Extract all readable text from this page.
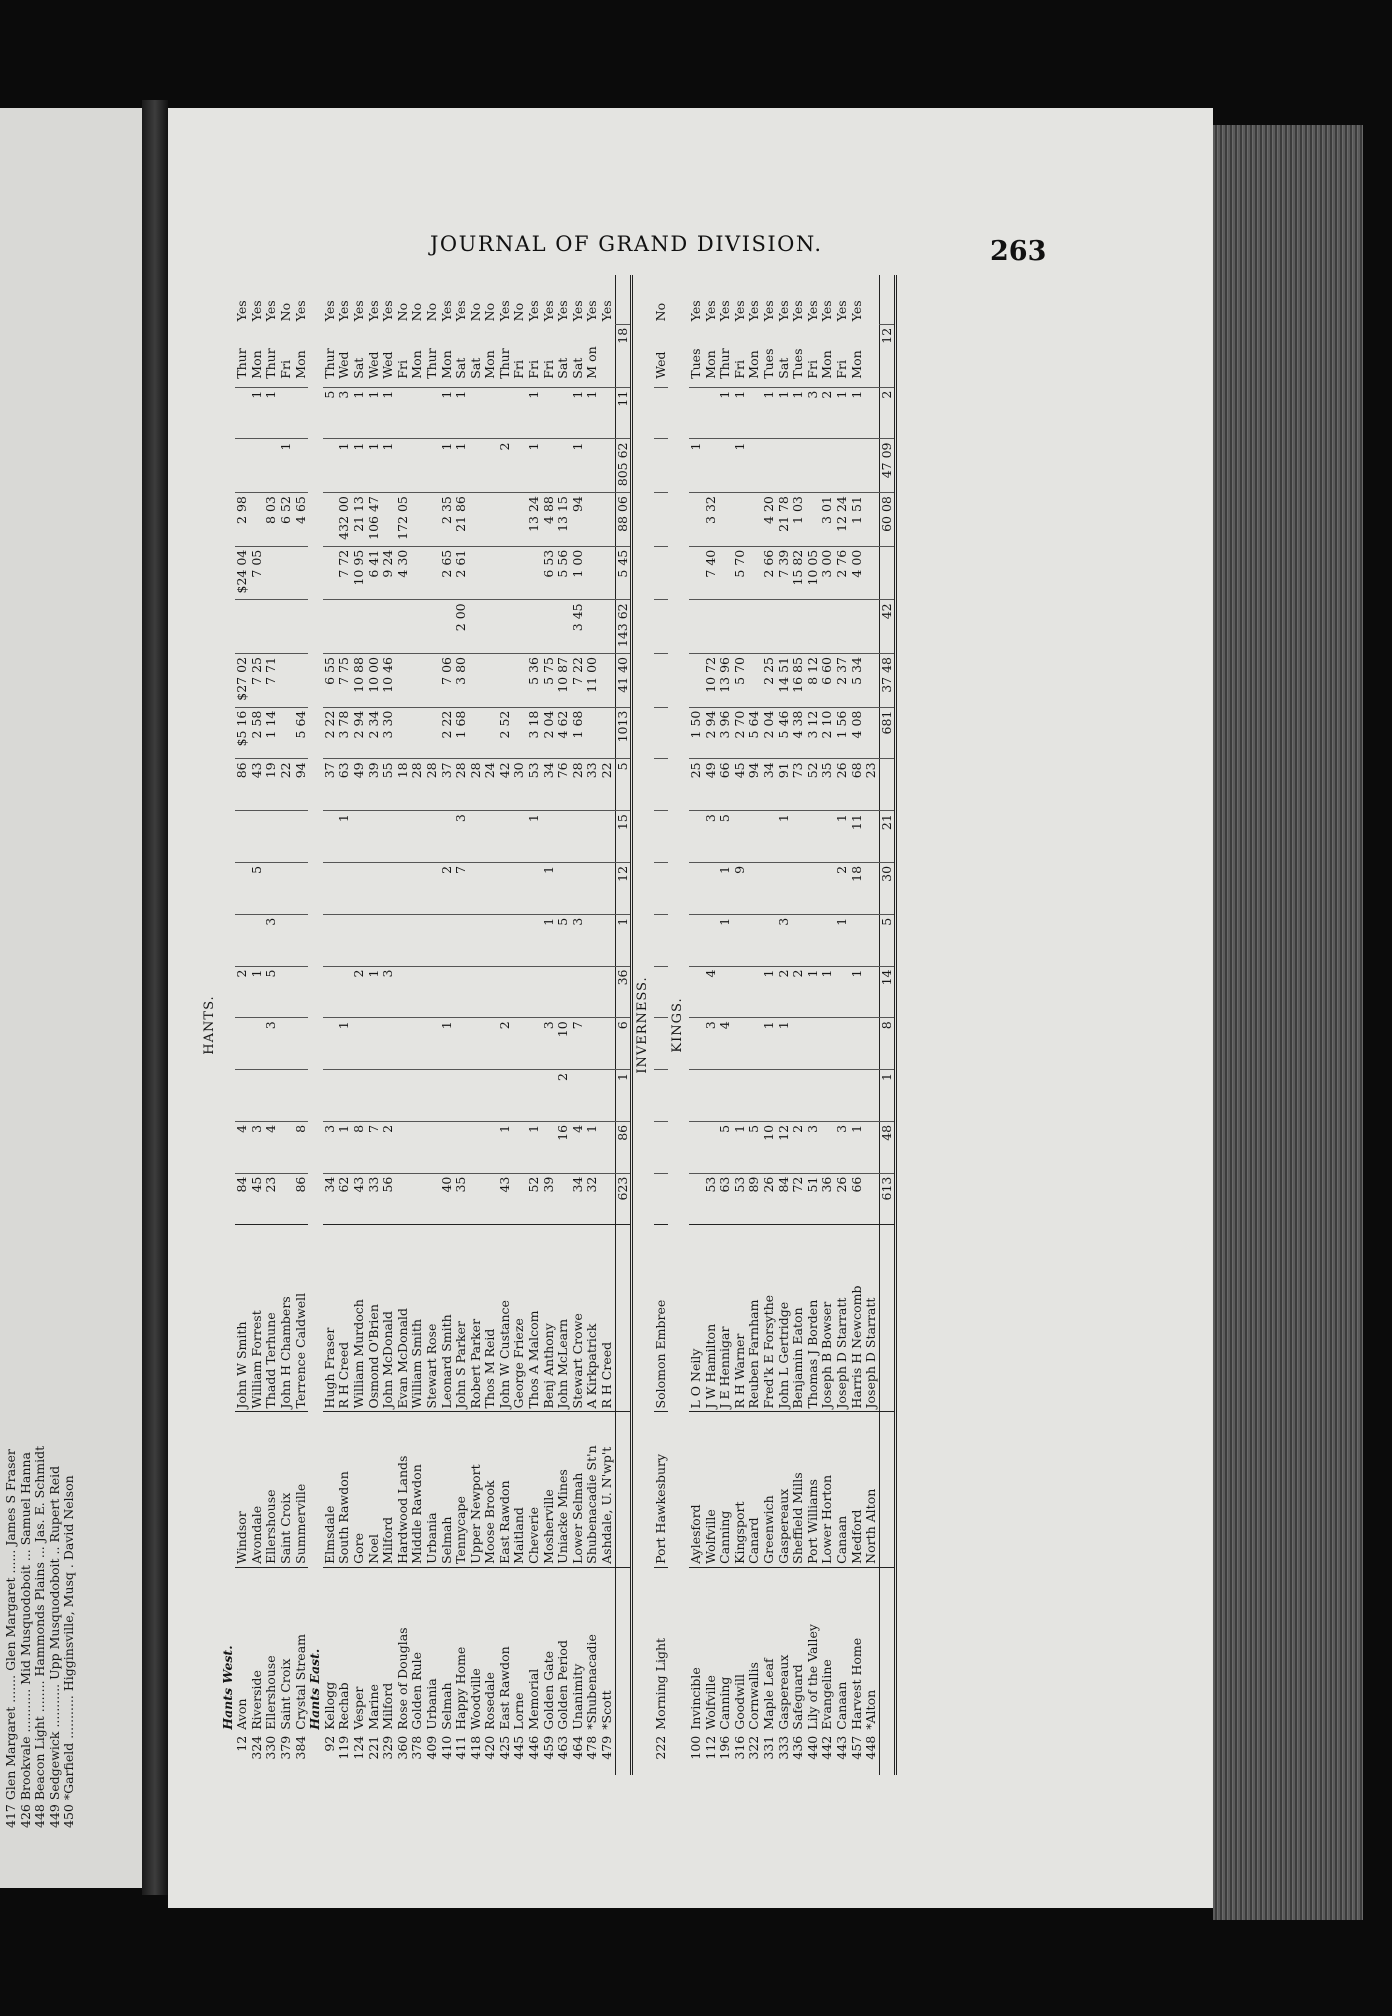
417 Glen Margaret ....... Glen Margaret ...... James S Fraser 426 Brookvale ........... Mid Musquodoboit ... Samuel Hanna 448 Beacon Light ........ Hammonds Plains ... Jas. E. Schmidt 449 Sedgewick ........... Upp Musquodoboit .. Rupert Reid 450 *Garfield ........... Higginsville, Musq . David Nelson
JOURNAL OF GRAND DIVISION.	263
HANTS.																					
	Hants West.																				
12	Avon	Windsor	John W Smith	84	4			2				86	$5 16	$27 02		$24 04	2 98			Thur	Yes
324	Riverside	Avondale	William Forrest	45	3			1		5		43	2 58	7 25		7 05			1	Mon	Yes
330	Ellershouse	Ellershouse	Thadd Terhune	23	4		3	5	3			19	1 14	7 71			8 03		1	Thur	Yes
379	Saint Croix	Saint Croix	John H Chambers									22					6 52	1		Fri	No
384	Crystal Stream	Summerville	Terrence Caldwell	86	8							94	5 64				4 65			Mon	Yes
	Hants East.																				
92	Kellogg	Elmsdale	Hugh Fraser	34	3							37	2 22	6 55					5	Thur	Yes
119	Rechab	South Rawdon	R H Creed	62	1		1				1	63	3 78	7 75		7 72	432 00	1	3	Wed	Yes
124	Vesper	Gore	William Murdoch	43	8			2				49	2 94	10 88		10 95	21 13	1	1	Sat	Yes
221	Marine	Noel	Osmond O'Brien	33	7			1				39	2 34	10 00		6 41	106 47	1	1	Wed	Yes
329	Milford	Milford	John McDonald	56	2			3				55	3 30	10 46		9 24		1	1	Wed	Yes
360	Rose of Douglas	Hardwood Lands	Evan McDonald									18				4 30	172 05			Fri	No
378	Golden Rule	Middle Rawdon	William Smith									28								Mon	No
409	Urbania	Urbania	Stewart Rose									28								Thur	No
410	Selmah	Selmah	Leonard Smith	40			1			2		37	2 22	7 06		2 65	2 35	1	1	Mon	Yes
411	Happy Home	Tennycape	John S Parker	35						7	3	28	1 68	3 80	2 00	2 61	21 86	1	1	Sat	Yes
418	Woodville	Upper Newport	Robert Parker									28								Sat	No
420	Rosedale	Moose Brook	Thos M Reid									24								Mon	No
425	East Rawdon	East Rawdon	John W Custance	43	1		2					42	2 52					2		Thur	Yes
445	Lorne	Maitland	George Frieze									30								Fri	No
446	Memorial	Cheverie	Thos A Malcom	52	1						1	53	3 18	5 36			13 24	1	1	Fri	Yes
459	Golden Gate	Mosherville	Benj Anthony	39			3		1	1		34	2 04	5 75		6 53	4 88			Fri	Yes
463	Golden Period	Uniacke Mines	John McLearn		16	2	10		5			76	4 62	10 87		5 56	13 15			Sat	Yes
464	Unanimity	Lower Selmah	Stewart Crowe	34	4		7		3			28	1 68	7 22	3 45	1 00	94	1	1	Sat	Yes
478	*Shubenacadie	Shubenacadie St'n	A Kirkpatrick	32	1							33		11 00					1	M on	Yes
479	*Scott	Ashdale, U. N'wp't	R H Creed									22									Yes
				623	86	1	6	36	1	12	15	5	1013	41 40	143 62	5 45	88 06	805 62	11	18	
INVERNESS.																					
222	Morning Light	Port Hawkesbury	Solomon Embree																	Wed	No
KINGS.																					
100	Invincible	Aylesford	L O Neily									25	1 50					1		Tues	Yes
112	Wolfville	Wolfville	J W Hamilton	53			3	4			3	49	2 94	10 72		7 40	3 32			Mon	Yes
196	Canning	Canning	J E Hennigar	63	5		4		1	1	5	66	3 96	13 96					1	Thur	Yes
316	Goodwill	Kingsport	R H Warner	53	1					9		45	2 70	5 70		5 70		1	1	Fri	Yes
322	Cornwallis	Canard	Reuben Farnham	89	5							94	5 64							Mon	Yes
331	Maple Leaf	Greenwich	Fred'k E Forsythe	26	10		1	1				34	2 04	2 25		2 66	4 20		1	Tues	Yes
333	Gaspereaux	Gaspereaux	John L Gertridge	84	12		1	2	3		1	91	5 46	14 51		7 39	21 78		1	Sat	Yes
436	Safeguard	Sheffield Mills	Benjamin Eaton	72	2			2				73	4 38	16 85		15 82	1 03		1	Tues	Yes
440	Lily of the Valley	Port Williams	Thomas J Borden	51	3			1				52	3 12	8 12		10 05			3	Fri	Yes
442	Evangeline	Lower Horton	Joseph B Bowser	36				1				35	2 10	6 60		3 00	3 01		2	Mon	Yes
443	Canaan	Canaan	Joseph D Starratt	26	3				1	2	1	26	1 56	2 37		2 76	12 24		1	Fri	Yes
457	Harvest Home	Medford	Harris H Newcomb	66	1			1		18	11	68	4 08	5 34		4 00	1 51		1	Mon	Yes
448	*Alton	North Alton	Joseph D Starratt									23									
				613	48	1	8	14	5	30	21		681	37 48	42		60 08	47 09	2	12	
